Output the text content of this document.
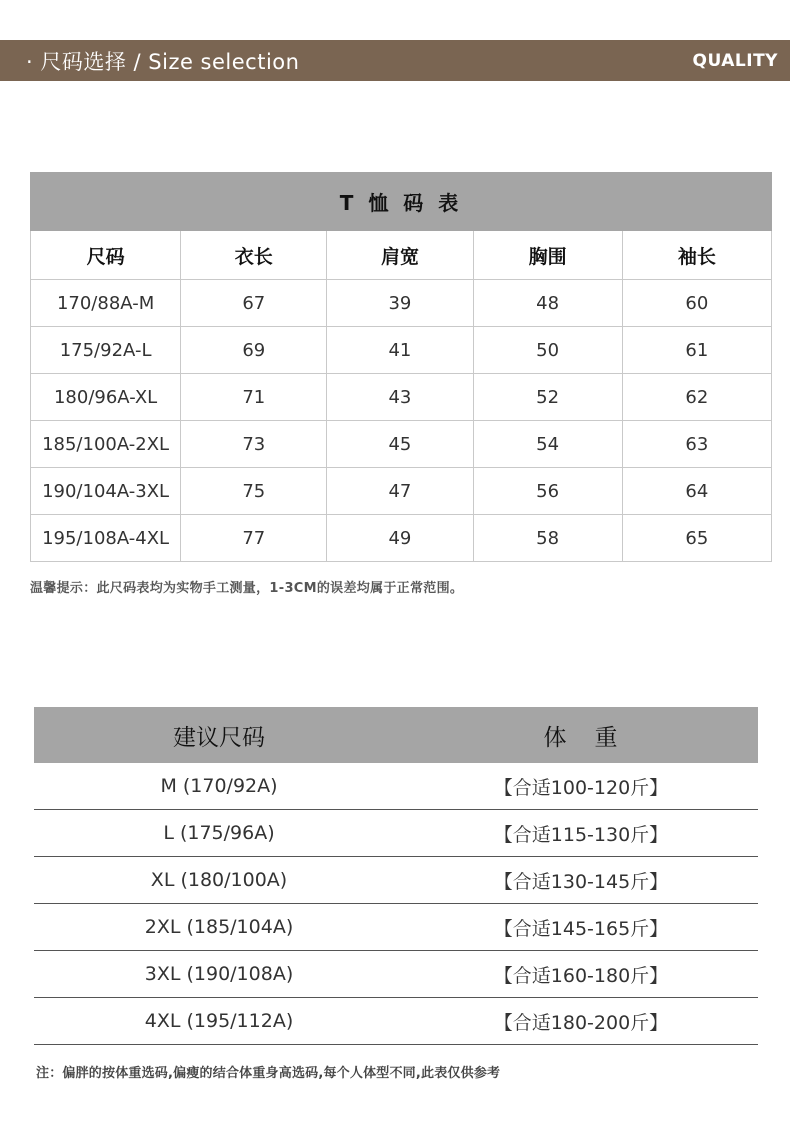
· 尺码选择 / Size selection	QUALITY
T 恤 码 表				
尺码	衣长	肩宽	胸围	袖长
170/88A-M	67	39	48	60
175/92A-L	69	41	50	61
180/96A-XL	71	43	52	62
185/100A-2XL	73	45	54	63
190/104A-3XL	75	47	56	64
195/108A-4XL	77	49	58	65
温馨提示：此尺码表均为实物手工测量，1-3CM的误差均属于正常范围。
建议尺码	体重
M (170/92A)	【合适100-120斤】
L (175/96A)	【合适115-130斤】
XL (180/100A)	【合适130-145斤】
2XL (185/104A)	【合适145-165斤】
3XL (190/108A)	【合适160-180斤】
4XL (195/112A)	【合适180-200斤】
注：偏胖的按体重选码,偏瘦的结合体重身高选码,每个人体型不同,此表仅供参考
